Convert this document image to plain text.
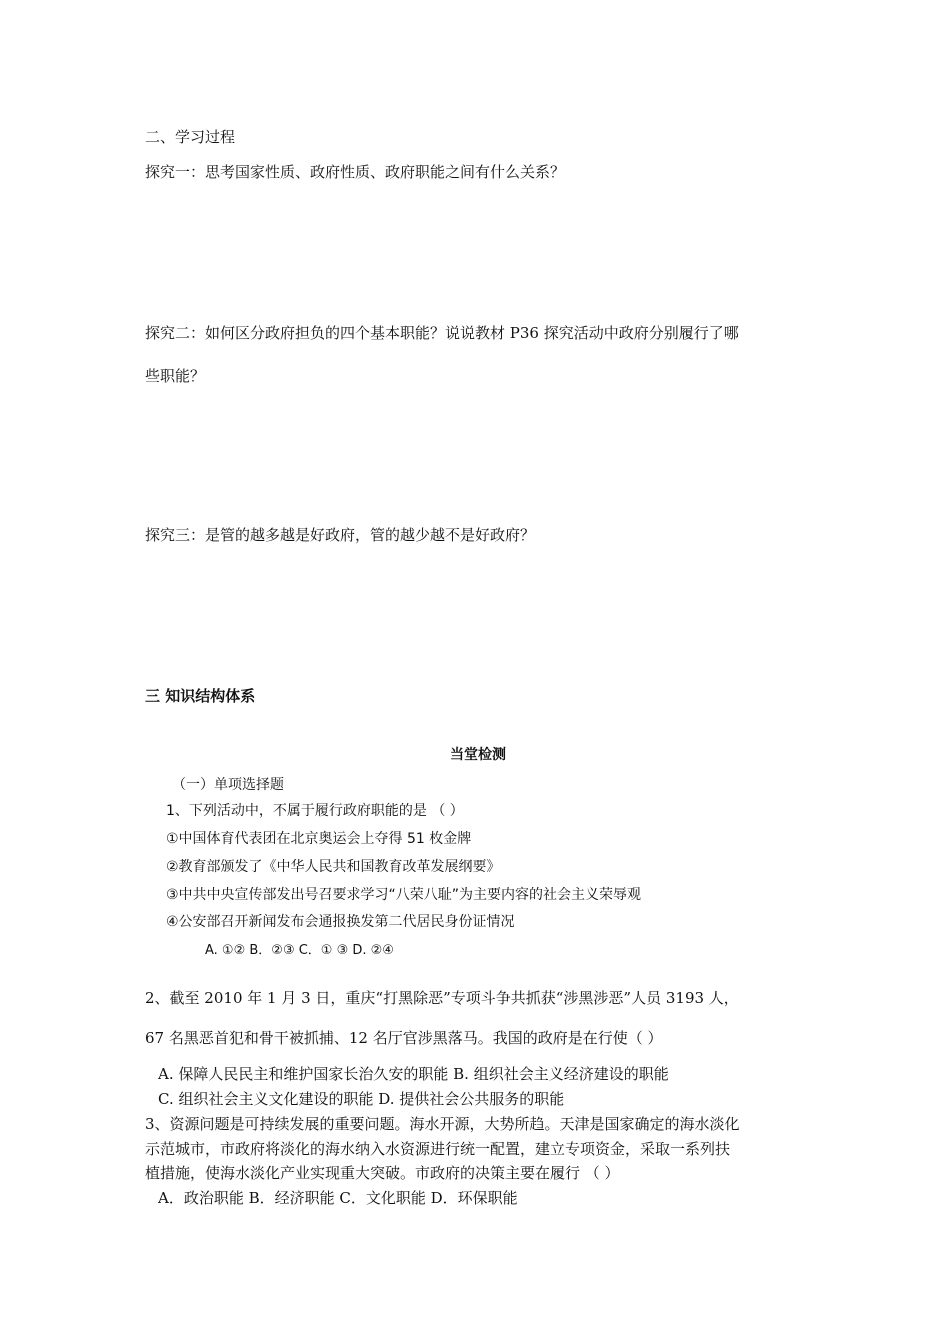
二、学习过程
探究一：思考国家性质、政府性质、政府职能之间有什么关系？
探究二：如何区分政府担负的四个基本职能？说说教材 P36 探究活动中政府分别履行了哪
些职能？
探究三：是管的越多越是好政府，管的越少越不是好政府？
三 知识结构体系
当堂检测
（一）单项选择题
1、下列活动中，不属于履行政府职能的是 （ ）
①中国体育代表团在北京奥运会上夺得 51 枚金牌
②教育部颁发了《中华人民共和国教育改革发展纲要》
③中共中央宣传部发出号召要求学习“八荣八耻”为主要内容的社会主义荣辱观
④公安部召开新闻发布会通报换发第二代居民身份证情况
A. ①② B．②③ C．① ③ D. ②④
2、截至 2010 年 1 月 3 日，重庆“打黑除恶”专项斗争共抓获“涉黑涉恶”人员 3193 人，
67 名黑恶首犯和骨干被抓捕、12 名厅官涉黑落马。我国的政府是在行使（ ）
A. 保障人民民主和维护国家长治久安的职能 B. 组织社会主义经济建设的职能
C. 组织社会主义文化建设的职能 D. 提供社会公共服务的职能
3、资源问题是可持续发展的重要问题。海水开源，大势所趋。天津是国家确定的海水淡化
示范城市，市政府将淡化的海水纳入水资源进行统一配置，建立专项资金，采取一系列扶
植措施，使海水淡化产业实现重大突破。市政府的决策主要在履行 （ ）
A．政治职能 B．经济职能 C．文化职能 D．环保职能
